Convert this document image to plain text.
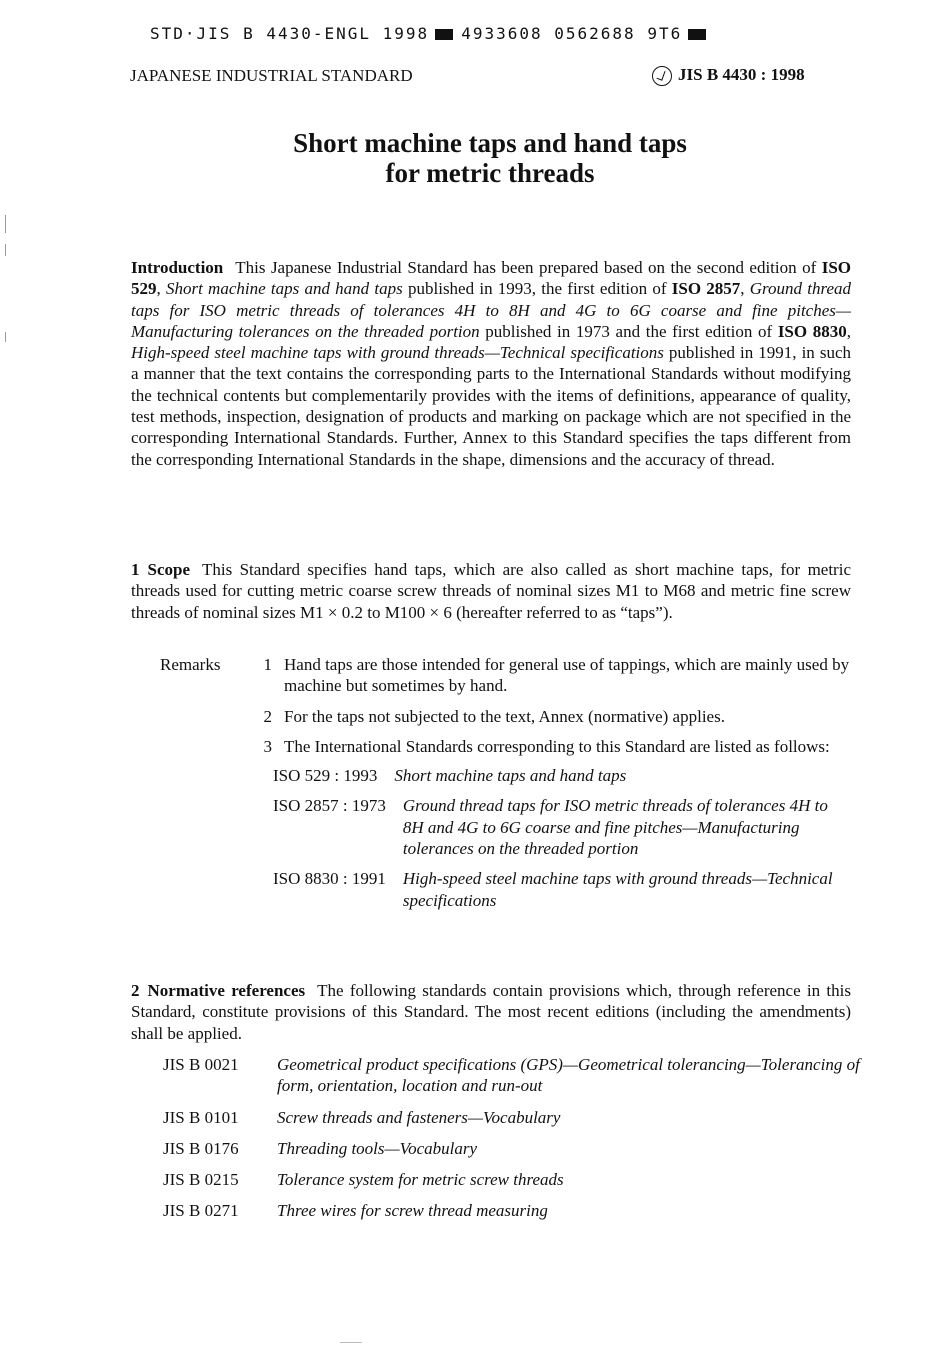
STD·JIS B 4430-ENGL 1998 4933608 0562688 9T6
JAPANESE INDUSTRIAL STANDARD	JIS B 4430 : 1998
Short machine taps and hand taps
for metric threads
Introduction This Japanese Industrial Standard has been prepared based on the second edition of ISO 529, Short machine taps and hand taps published in 1993, the first edition of ISO 2857, Ground thread taps for ISO metric threads of tolerances 4H to 8H and 4G to 6G coarse and fine pitches—Manufacturing tolerances on the threaded portion published in 1973 and the first edition of ISO 8830, High-speed steel machine taps with ground threads—Technical specifications published in 1991, in such a manner that the text contains the corresponding parts to the International Standards without modifying the technical contents but complementarily provides with the items of definitions, appearance of quality, test methods, inspection, designation of products and marking on package which are not specified in the corresponding International Standards. Further, Annex to this Standard specifies the taps different from the corresponding International Standards in the shape, dimensions and the accuracy of thread.
1 Scope This Standard specifies hand taps, which are also called as short machine taps, for metric threads used for cutting metric coarse screw threads of nominal sizes M1 to M68 and metric fine screw threads of nominal sizes M1 × 0.2 to M100 × 6 (hereafter referred to as “taps”).
Remarks	1 Hand taps are those intended for general use of tappings, which are mainly used by machine but sometimes by hand.
2 For the taps not subjected to the text, Annex (normative) applies.
3 The International Standards corresponding to this Standard are listed as follows:
ISO 529 : 1993 Short machine taps and hand taps
ISO 2857 : 1973 Ground thread taps for ISO metric threads of tolerances 4H to 8H and 4G to 6G coarse and fine pitches—Manufacturing tolerances on the threaded portion
ISO 8830 : 1991 High-speed steel machine taps with ground threads—Technical specifications
2 Normative references The following standards contain provisions which, through reference in this Standard, constitute provisions of this Standard. The most recent editions (including the amendments) shall be applied.
JIS B 0021	Geometrical product specifications (GPS)—Geometrical tolerancing—Tolerancing of form, orientation, location and run-out
JIS B 0101	Screw threads and fasteners—Vocabulary
JIS B 0176	Threading tools—Vocabulary
JIS B 0215	Tolerance system for metric screw threads
JIS B 0271	Three wires for screw thread measuring
